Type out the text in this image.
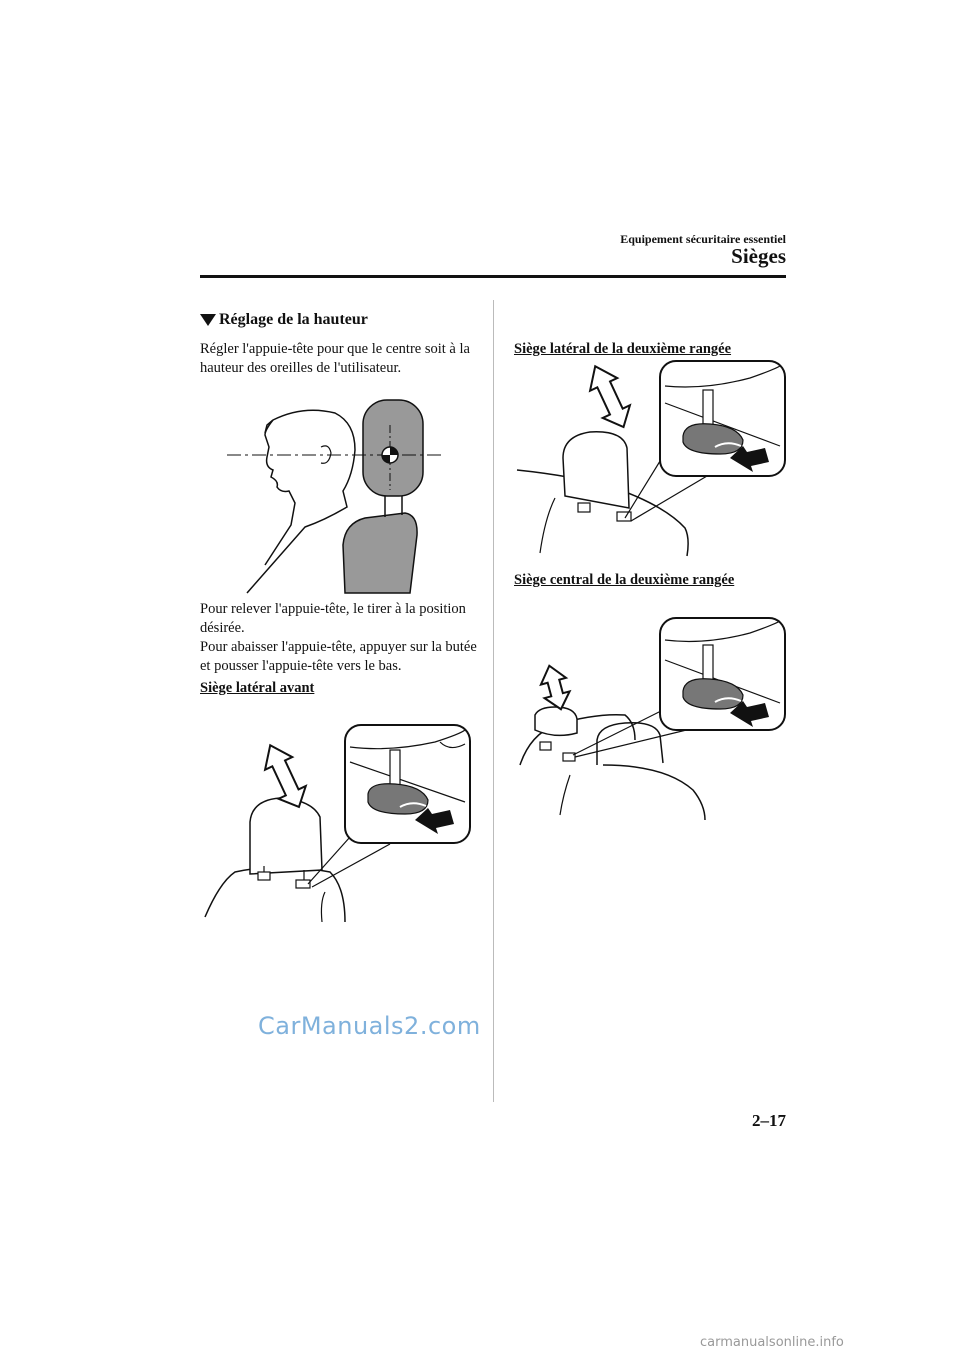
Equipement sécuritaire essentiel
Sièges
Réglage de la hauteur
Régler l'appuie-tête pour que le centre soit à la hauteur des oreilles de l'utilisateur.
Pour relever l'appuie-tête, le tirer à la position désirée.
Pour abaisser l'appuie-tête, appuyer sur la butée et pousser l'appuie-tête vers le bas.
Siège latéral avant
Siège latéral de la deuxième rangée
Siège central de la deuxième rangée
CarManuals2.com
2–17
carmanualsonline.info
